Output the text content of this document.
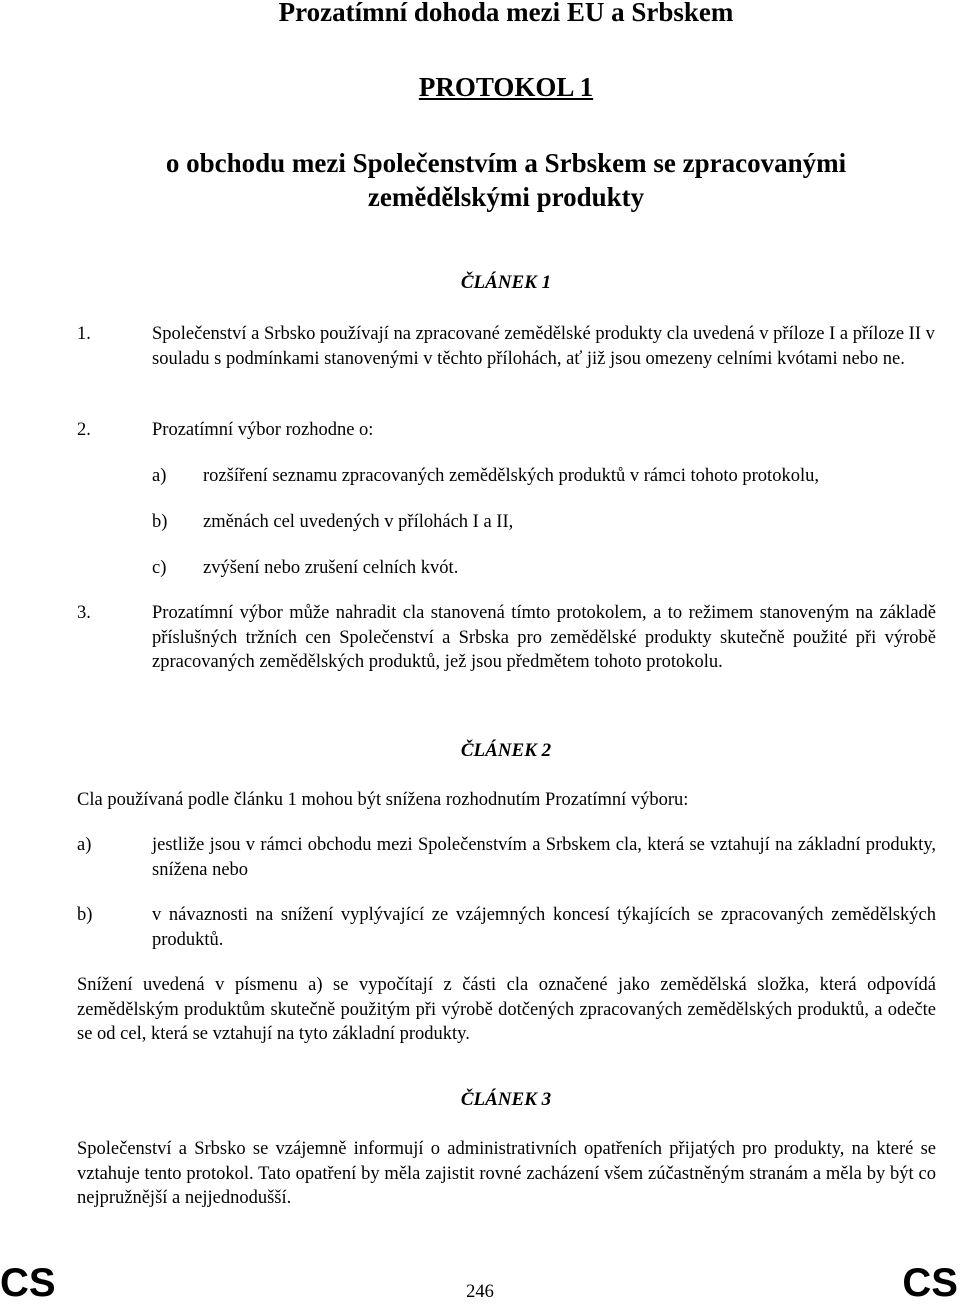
Prozatímní dohoda mezi EU a Srbskem
PROTOKOL 1
o obchodu mezi Společenstvím a Srbskem se zpracovanými
zemědělskými produkty
ČLÁNEK 1
1.	Společenství a Srbsko používají na zpracované zemědělské produkty cla uvedená v příloze I a příloze II v souladu s podmínkami stanovenými v těchto přílohách, ať již jsou omezeny celními kvótami nebo ne.
2.	Prozatímní výbor rozhodne o:
a) rozšíření seznamu zpracovaných zemědělských produktů v rámci tohoto protokolu,
b) změnách cel uvedených v přílohách I a II,
c) zvýšení nebo zrušení celních kvót.
3.	Prozatímní výbor může nahradit cla stanovená tímto protokolem, a to režimem stanoveným na základě příslušných tržních cen Společenství a Srbska pro zemědělské produkty skutečně použité při výrobě zpracovaných zemědělských produktů, jež jsou předmětem tohoto protokolu.
ČLÁNEK 2
Cla používaná podle článku 1 mohou být snížena rozhodnutím Prozatímní výboru:
a)	jestliže jsou v rámci obchodu mezi Společenstvím a Srbskem cla, která se vztahují na základní produkty, snížena nebo
b)	v návaznosti na snížení vyplývající ze vzájemných koncesí týkajících se zpracovaných zemědělských produktů.
Snížení uvedená v písmenu a) se vypočítají z části cla označené jako zemědělská složka, která odpovídá zemědělským produktům skutečně použitým při výrobě dotčených zpracovaných zemědělských produktů, a odečte se od cel, která se vztahují na tyto základní produkty.
ČLÁNEK 3
Společenství a Srbsko se vzájemně informují o administrativních opatřeních přijatých pro produkty, na které se vztahuje tento protokol. Tato opatření by měla zajistit rovné zacházení všem zúčastněným stranám a měla by být co nejpružnější a nejjednodušší.
CS	246	CS
